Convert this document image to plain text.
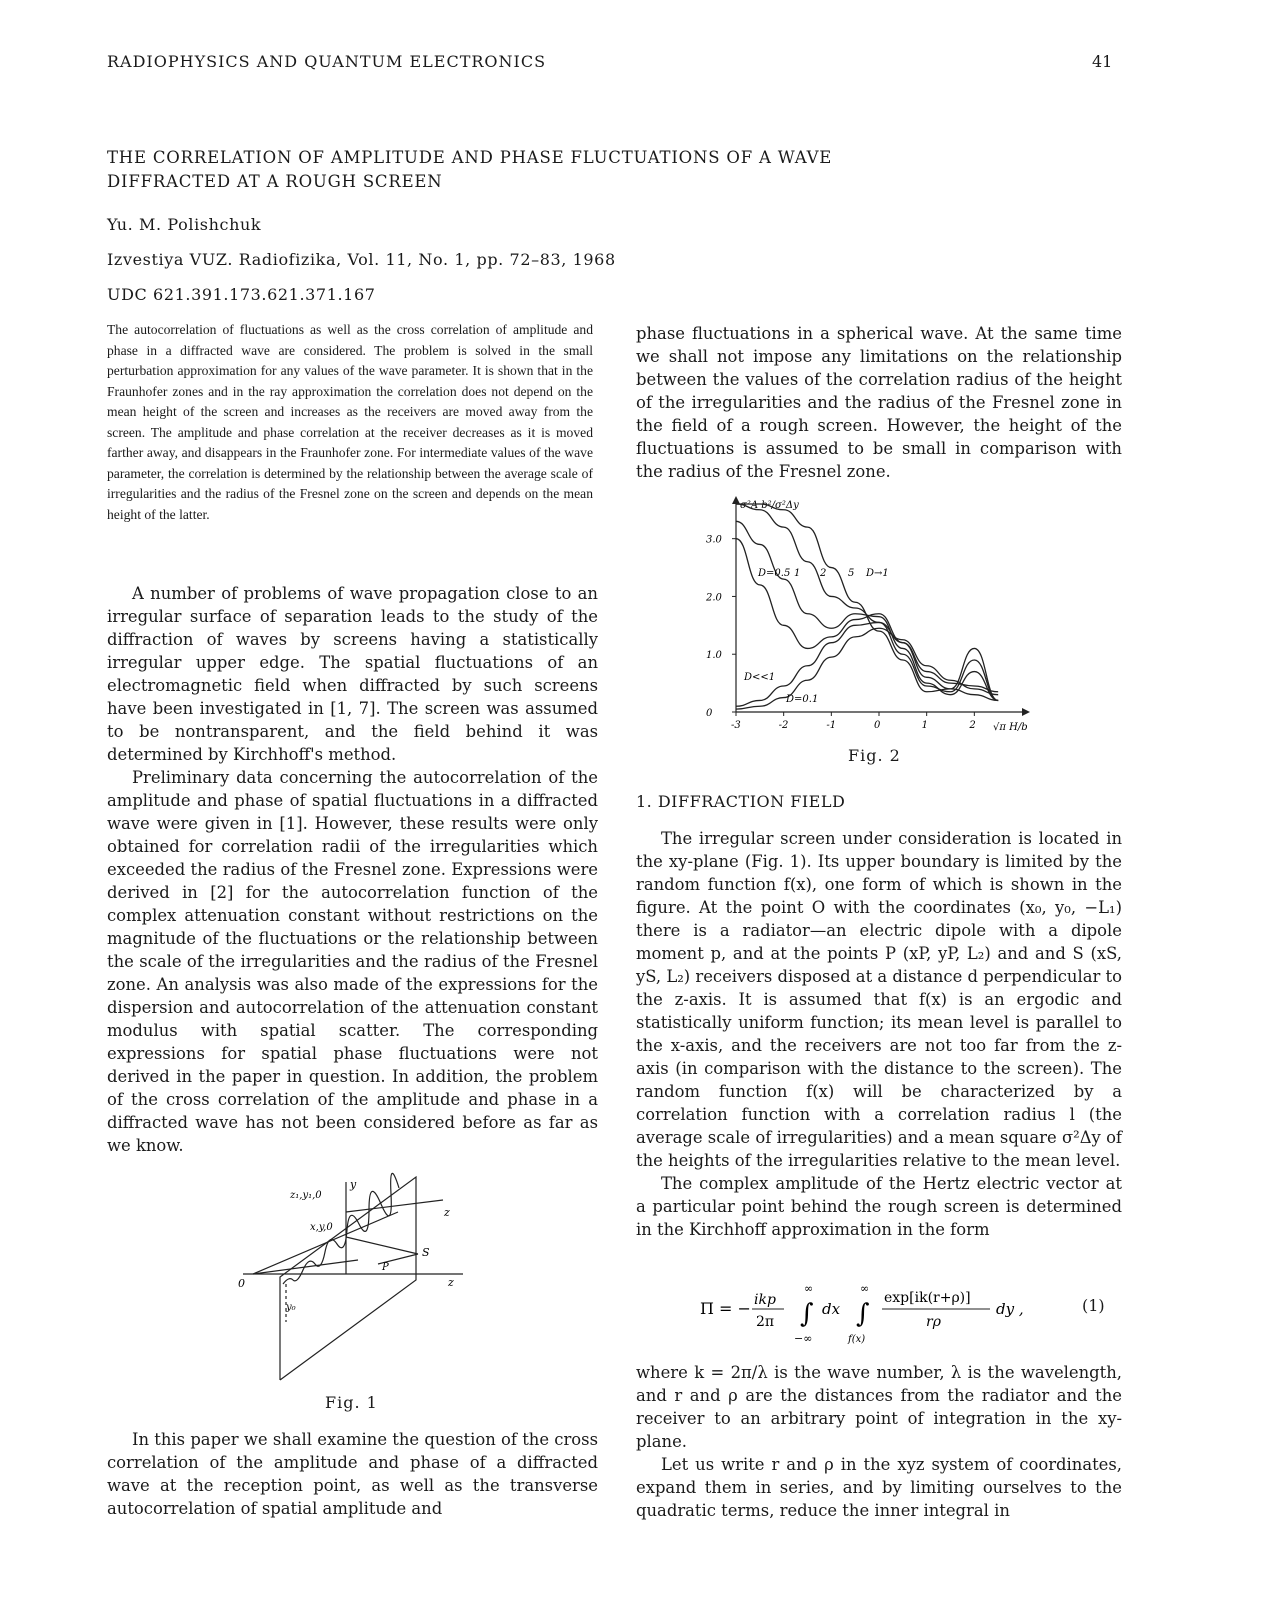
RADIOPHYSICS AND QUANTUM ELECTRONICS	41
THE CORRELATION OF AMPLITUDE AND PHASE FLUCTUATIONS OF A WAVE
DIFFRACTED AT A ROUGH SCREEN
Yu. M. Polishchuk
Izvestiya VUZ. Radiofizika, Vol. 11, No. 1, pp. 72–83, 1968
UDC 621.391.173.621.371.167
The autocorrelation of fluctuations as well as the cross correlation of amplitude and phase in a diffracted wave are considered. The problem is solved in the small perturbation approximation for any values of the wave parameter. It is shown that in the Fraunhofer zones and in the ray approximation the correlation does not depend on the mean height of the screen and increases as the receivers are moved away from the screen. The amplitude and phase correlation at the receiver decreases as it is moved farther away, and disappears in the Fraunhofer zone. For intermediate values of the wave parameter, the correlation is determined by the relationship between the average scale of irregularities and the radius of the Fresnel zone on the screen and depends on the mean height of the latter.

A number of problems of wave propagation close to an irregular surface of separation leads to the study of the diffraction of waves by screens having a statistically irregular upper edge. The spatial fluctuations of an electromagnetic field when diffracted by such screens have been investigated in [1, 7]. The screen was assumed to be nontransparent, and the field behind it was determined by Kirchhoff's method.

Preliminary data concerning the autocorrelation of the amplitude and phase of spatial fluctuations in a diffracted wave were given in [1]. However, these results were only obtained for correlation radii of the irregularities which exceeded the radius of the Fresnel zone. Expressions were derived in [2] for the autocorrelation function of the complex attenuation constant without restrictions on the magnitude of the fluctuations or the relationship between the scale of the irregularities and the radius of the Fresnel zone. An analysis was also made of the expressions for the dispersion and autocorrelation of the attenuation constant modulus with spatial scatter. The corresponding expressions for spatial phase fluctuations were not derived in the paper in question. In addition, the problem of the cross correlation of the amplitude and phase in a diffracted wave has not been considered before as far as we know.

0
y
z
S
P
z
z₁,y₁,0
x,y,0
y₀
Fig. 1

In this paper we shall examine the question of the cross correlation of the amplitude and phase of a diffracted wave at the reception point, as well as the transverse autocorrelation of spatial amplitude and

phase fluctuations in a spherical wave. At the same time we shall not impose any limitations on the relationship between the values of the correlation radius of the height of the irregularities and the radius of the Fresnel zone in the field of a rough screen. However, the height of the fluctuations is assumed to be small in comparison with the radius of the Fresnel zone.

σ²A b²/σ²Δy
√π H/b
3.0
2.0
1.0
0
-3	-2	-1	0	1	2
D=0.5 1 2 5 D→1
D<<1
D=0.1
Fig. 2
1. DIFFRACTION FIELD

The irregular screen under consideration is located in the xy-plane (Fig. 1). Its upper boundary is limited by the random function f(x), one form of which is shown in the figure. At the point O with the coordinates (x₀, y₀, −L₁) there is a radiator—an electric dipole with a dipole moment p, and at the points P (xP, yP, L₂) and and S (xS, yS, L₂) receivers disposed at a distance d perpendicular to the z-axis. It is assumed that f(x) is an ergodic and statistically uniform function; its mean level is parallel to the x-axis, and the receivers are not too far from the z-axis (in comparison with the distance to the screen). The random function f(x) will be characterized by a correlation function with a correlation radius l (the average scale of irregularities) and a mean square σ²Δy of the heights of the irregularities relative to the mean level.

The complex amplitude of the Hertz electric vector at a particular point behind the rough screen is determined in the Kirchhoff approximation in the form

Π = − ikp
2π
∞
∫
−∞
dx
∞
∫
f(x)
exp[ik(r+ρ)]
rρ
dy ,	(1)

where k = 2π/λ is the wave number, λ is the wavelength, and r and ρ are the distances from the radiator and the receiver to an arbitrary point of integration in the xy-plane.

Let us write r and ρ in the xyz system of coordinates, expand them in series, and by limiting ourselves to the quadratic terms, reduce the inner integral in
